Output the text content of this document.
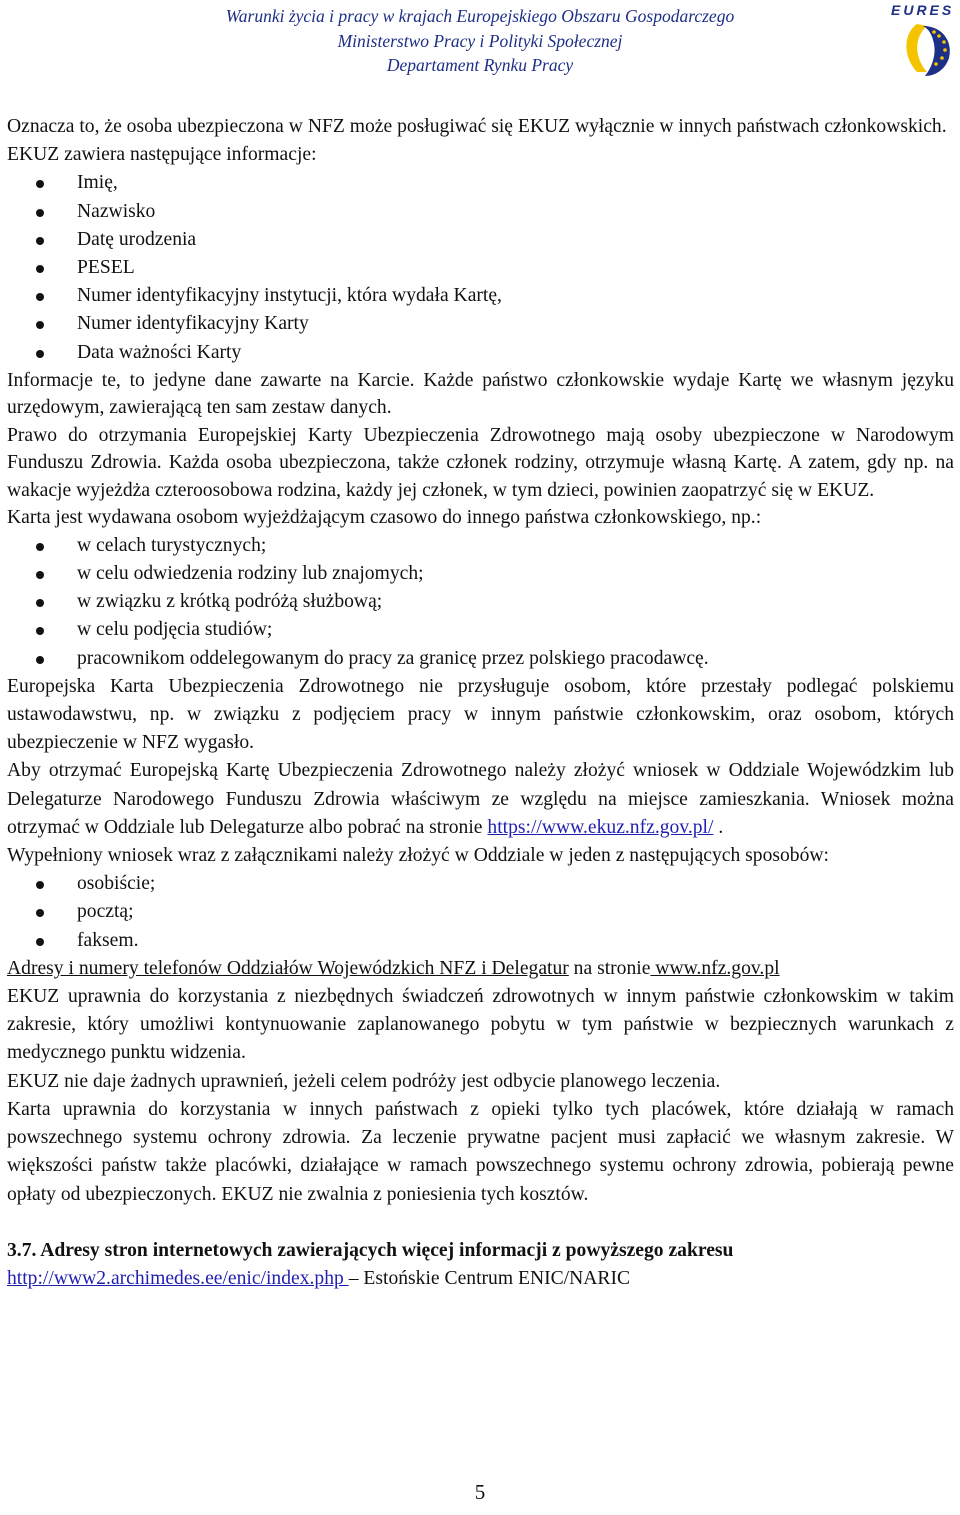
Warunki życia i pracy w krajach Europejskiego Obszaru Gospodarczego
Ministerstwo Pracy i Polityki Społecznej
Departament Rynku Pracy
EURES

Oznacza to, że osoba ubezpieczona w NFZ może posługiwać się EKUZ wyłącznie w innych państwach członkowskich.

EKUZ zawiera następujące informacje:

Imię,
Nazwisko
Datę urodzenia
PESEL
Numer identyfikacyjny instytucji, która wydała Kartę,
Numer identyfikacyjny Karty
Data ważności Karty

Informacje te, to jedyne dane zawarte na Karcie. Każde państwo członkowskie wydaje Kartę we własnym języku urzędowym, zawierającą ten sam zestaw danych.

Prawo do otrzymania Europejskiej Karty Ubezpieczenia Zdrowotnego mają osoby ubezpieczone w Narodowym Funduszu Zdrowia. Każda osoba ubezpieczona, także członek rodziny, otrzymuje własną Kartę. A zatem, gdy np. na wakacje wyjeżdża czteroosobowa rodzina, każdy jej członek, w tym dzieci, powinien zaopatrzyć się w EKUZ.

Karta jest wydawana osobom wyjeżdżającym czasowo do innego państwa członkowskiego, np.:

w celach turystycznych;
w celu odwiedzenia rodziny lub znajomych;
w związku z krótką podróżą służbową;
w celu podjęcia studiów;
pracownikom oddelegowanym do pracy za granicę przez polskiego pracodawcę.

Europejska Karta Ubezpieczenia Zdrowotnego nie przysługuje osobom, które przestały podlegać polskiemu ustawodawstwu, np. w związku z podjęciem pracy w innym państwie członkowskim, oraz osobom, których ubezpieczenie w NFZ wygasło.

Aby otrzymać Europejską Kartę Ubezpieczenia Zdrowotnego należy złożyć wniosek w Oddziale Wojewódzkim lub Delegaturze Narodowego Funduszu Zdrowia właściwym ze względu na miejsce zamieszkania. Wniosek można otrzymać w Oddziale lub Delegaturze albo pobrać na stronie https://www.ekuz.nfz.gov.pl/ .

Wypełniony wniosek wraz z załącznikami należy złożyć w Oddziale w jeden z następujących sposobów:

osobiście;
pocztą;
faksem.

Adresy i numery telefonów Oddziałów Wojewódzkich NFZ i Delegatur na stronie www.nfz.gov.pl

EKUZ uprawnia do korzystania z niezbędnych świadczeń zdrowotnych w innym państwie członkowskim w takim zakresie, który umożliwi kontynuowanie zaplanowanego pobytu w tym państwie w bezpiecznych warunkach z medycznego punktu widzenia.

EKUZ nie daje żadnych uprawnień, jeżeli celem podróży jest odbycie planowego leczenia.

Karta uprawnia do korzystania w innych państwach z opieki tylko tych placówek, które działają w ramach powszechnego systemu ochrony zdrowia. Za leczenie prywatne pacjent musi zapłacić we własnym zakresie. W większości państw także placówki, działające w ramach powszechnego systemu ochrony zdrowia, pobierają pewne opłaty od ubezpieczonych. EKUZ nie zwalnia z poniesienia tych kosztów.

3.7. Adresy stron internetowych zawierających więcej informacji z powyższego zakresu

http://www2.archimedes.ee/enic/index.php – Estońskie Centrum ENIC/NARIC

5
